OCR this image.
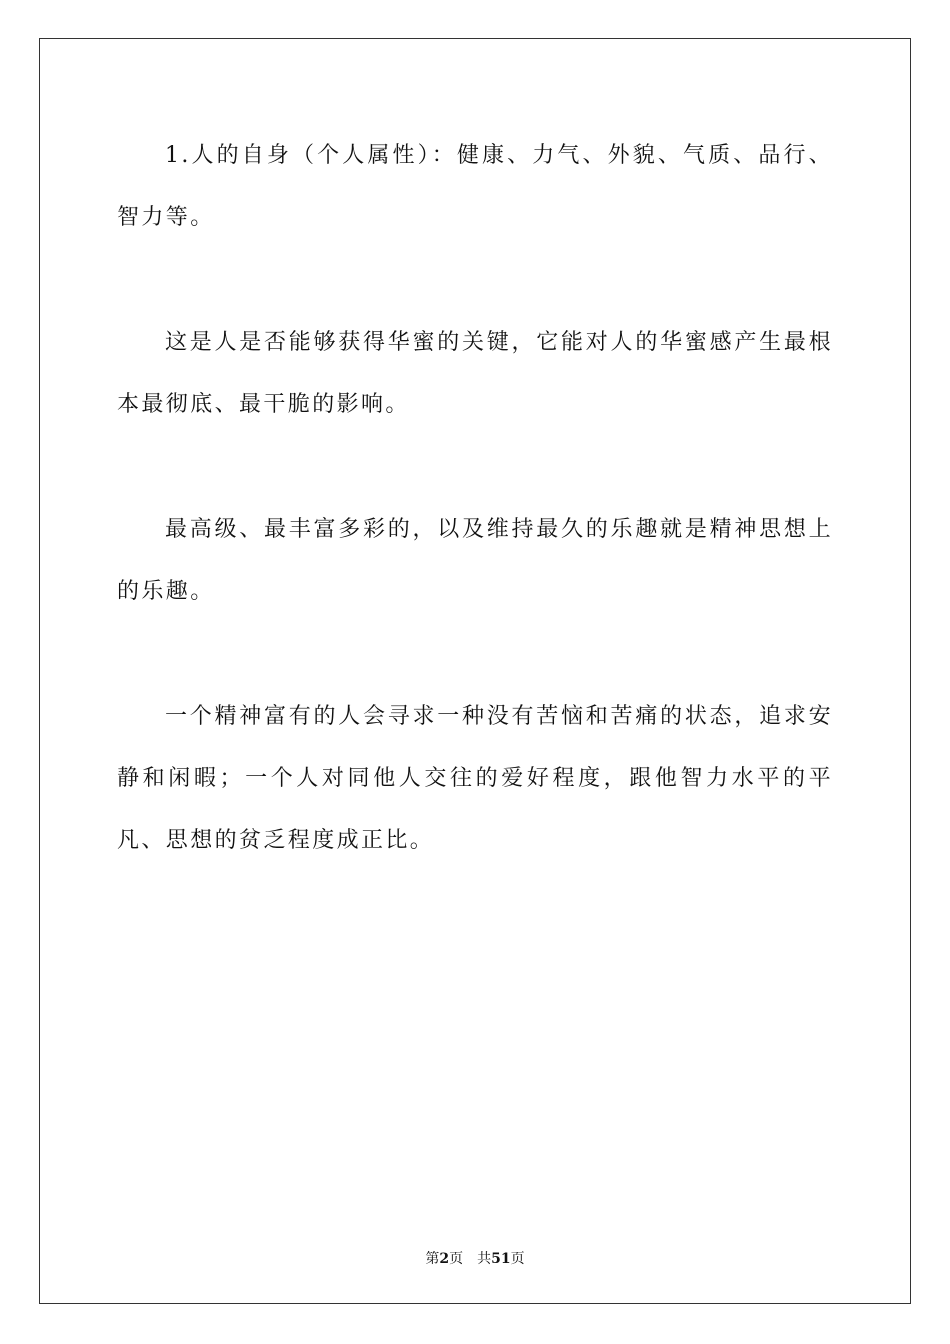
1.人的自身（个人属性）：健康、力气、外貌、气质、品行、智力等。

这是人是否能够获得华蜜的关键，它能对人的华蜜感产生最根本最彻底、最干脆的影响。

最高级、最丰富多彩的，以及维持最久的乐趣就是精神思想上的乐趣。

一个精神富有的人会寻求一种没有苦恼和苦痛的状态，追求安静和闲暇；一个人对同他人交往的爱好程度，跟他智力水平的平凡、思想的贫乏程度成正比。

第2页 共51页
